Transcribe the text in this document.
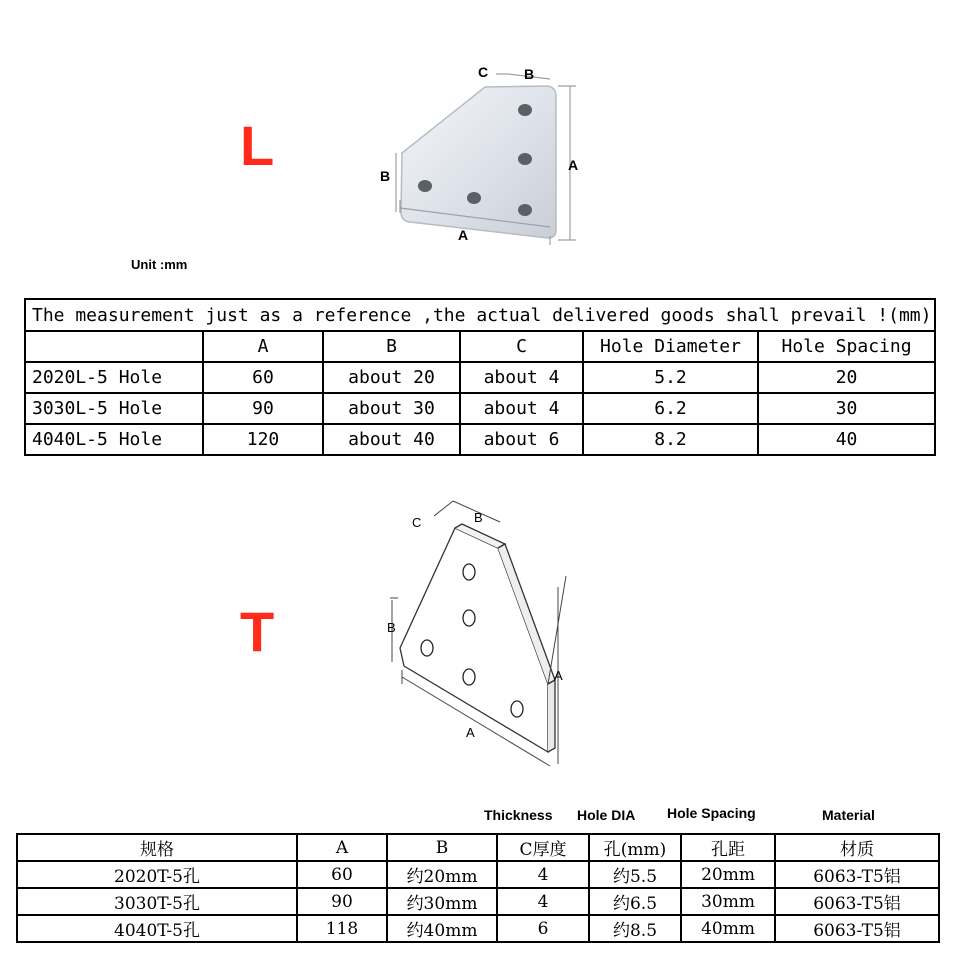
L	A
A
B
B
C
Unit :mm
The measurement just as a reference ,the actual delivered goods shall prevail !(mm)					
	A	B	C	Hole Diameter	Hole Spacing
2020L-5 Hole	60	about 20	about 4	5.2	20
3030L-5 Hole	90	about 30	about 4	6.2	30
4040L-5 Hole	120	about 40	about 6	8.2	40
T
A
A
B
B
C
Thickness Hole DIA Hole Spacing	Material
规格	A	B	C厚度	孔(mm)	孔距	材质
2020T-5孔	60	约20mm	4	约5.5	20mm	6063-T5铝
3030T-5孔	90	约30mm	4	约6.5	30mm	6063-T5铝
4040T-5孔	118	约40mm	6	约8.5	40mm	6063-T5铝
